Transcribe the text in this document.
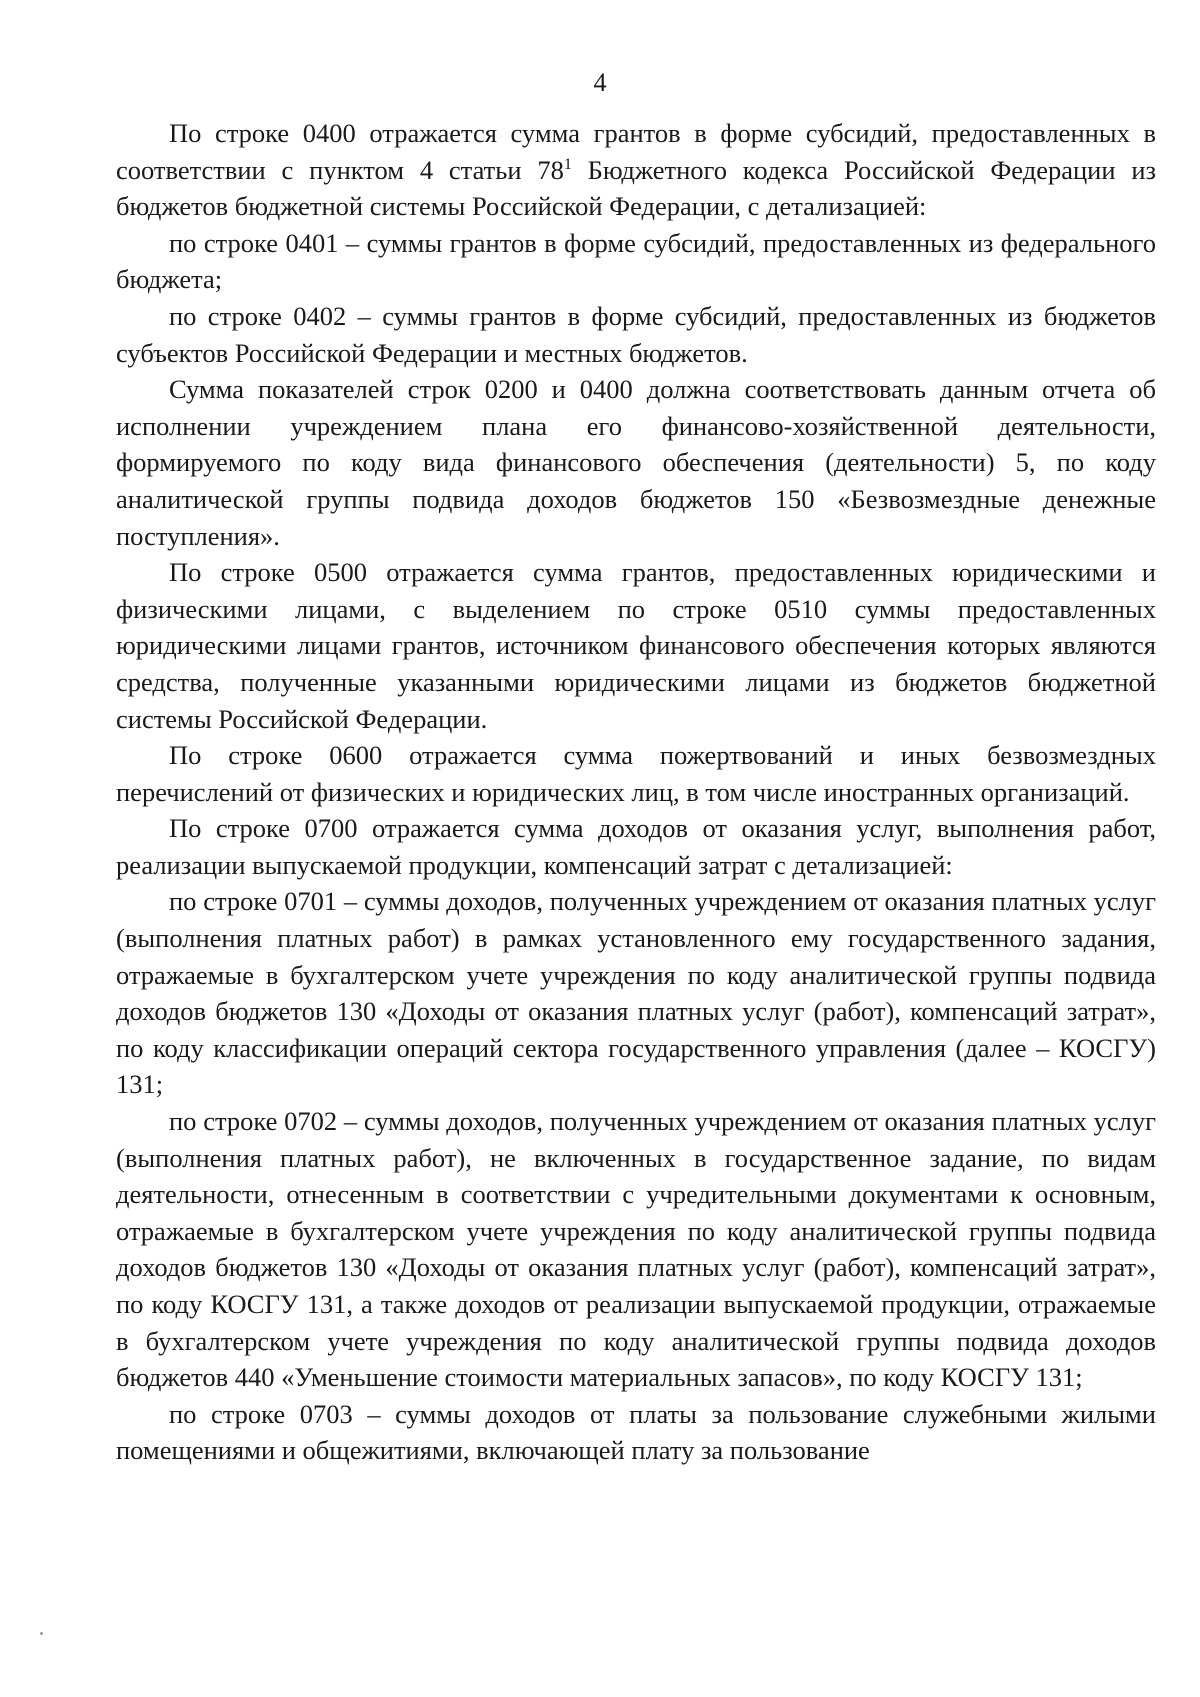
4

По строке 0400 отражается сумма грантов в форме субсидий, предоставленных в соответствии с пунктом 4 статьи $78^1$ Бюджетного кодекса Российской Федерации из бюджетов бюджетной системы Российской Федерации, с детализацией:

по строке 0401 – суммы грантов в форме субсидий, предоставленных из федерального бюджета;

по строке 0402 – суммы грантов в форме субсидий, предоставленных из бюджетов субъектов Российской Федерации и местных бюджетов.

Сумма показателей строк 0200 и 0400 должна соответствовать данным отчета об исполнении учреждением плана его финансово-хозяйственной деятельности, формируемого по коду вида финансового обеспечения (деятельности) 5, по коду аналитической группы подвида доходов бюджетов 150 «Безвозмездные денежные поступления».

По строке 0500 отражается сумма грантов, предоставленных юридическими и физическими лицами, с выделением по строке 0510 суммы предоставленных юридическими лицами грантов, источником финансового обеспечения которых являются средства, полученные указанными юридическими лицами из бюджетов бюджетной системы Российской Федерации.

По строке 0600 отражается сумма пожертвований и иных безвозмездных перечислений от физических и юридических лиц, в том числе иностранных организаций.

По строке 0700 отражается сумма доходов от оказания услуг, выполнения работ, реализации выпускаемой продукции, компенсаций затрат с детализацией:

по строке 0701 – суммы доходов, полученных учреждением от оказания платных услуг (выполнения платных работ) в рамках установленного ему государственного задания, отражаемые в бухгалтерском учете учреждения по коду аналитической группы подвида доходов бюджетов 130 «Доходы от оказания платных услуг (работ), компенсаций затрат», по коду классификации операций сектора государственного управления (далее – КОСГУ) 131;

по строке 0702 – суммы доходов, полученных учреждением от оказания платных услуг (выполнения платных работ), не включенных в государственное задание, по видам деятельности, отнесенным в соответствии с учредительными документами к основным, отражаемые в бухгалтерском учете учреждения по коду аналитической группы подвида доходов бюджетов 130 «Доходы от оказания платных услуг (работ), компенсаций затрат», по коду КОСГУ 131, а также доходов от реализации выпускаемой продукции, отражаемые в бухгалтерском учете учреждения по коду аналитической группы подвида доходов бюджетов 440 «Уменьшение стоимости материальных запасов», по коду КОСГУ 131;

по строке 0703 – суммы доходов от платы за пользование служебными жилыми помещениями и общежитиями, включающей плату за пользование
